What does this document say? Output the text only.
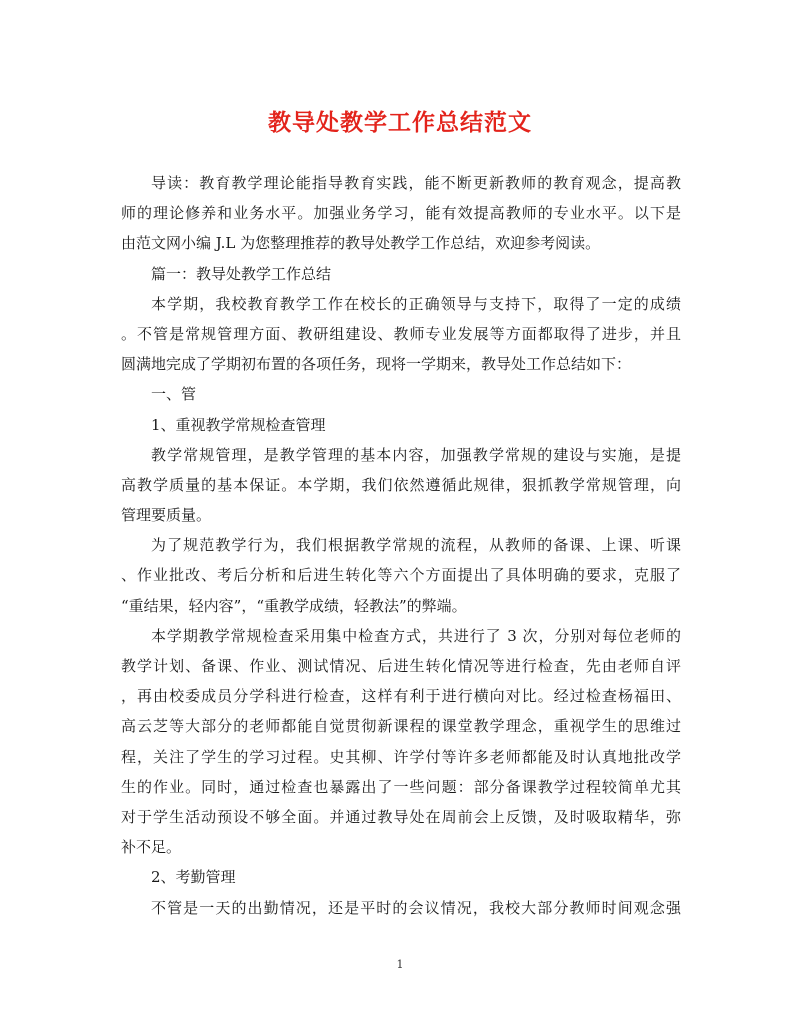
教导处教学工作总结范文
导读：教育教学理论能指导教育实践，能不断更新教师的教育观念，提高教
师的理论修养和业务水平。加强业务学习，能有效提高教师的专业水平。以下是
由范文网小编 J.L 为您整理推荐的教导处教学工作总结，欢迎参考阅读。
篇一：教导处教学工作总结
本学期，我校教育教学工作在校长的正确领导与支持下，取得了一定的成绩
。不管是常规管理方面、教研组建设、教师专业发展等方面都取得了进步，并且
圆满地完成了学期初布置的各项任务，现将一学期来，教导处工作总结如下：
一、管
1、重视教学常规检查管理
教学常规管理，是教学管理的基本内容，加强教学常规的建设与实施，是提
高教学质量的基本保证。本学期，我们依然遵循此规律，狠抓教学常规管理，向
管理要质量。
为了规范教学行为，我们根据教学常规的流程，从教师的备课、上课、听课
、作业批改、考后分析和后进生转化等六个方面提出了具体明确的要求，克服了
“重结果，轻内容”，“重教学成绩，轻教法”的弊端。
本学期教学常规检查采用集中检查方式，共进行了 3 次，分别对每位老师的
教学计划、备课、作业、测试情况、后进生转化情况等进行检查，先由老师自评
，再由校委成员分学科进行检查，这样有利于进行横向对比。经过检查杨福田、
高云芝等大部分的老师都能自觉贯彻新课程的课堂教学理念，重视学生的思维过
程，关注了学生的学习过程。史其柳、许学付等许多老师都能及时认真地批改学
生的作业。同时，通过检查也暴露出了一些问题：部分备课教学过程较简单尤其
对于学生活动预设不够全面。并通过教导处在周前会上反馈，及时吸取精华，弥
补不足。
2、考勤管理
不管是一天的出勤情况，还是平时的会议情况，我校大部分教师时间观念强
1
